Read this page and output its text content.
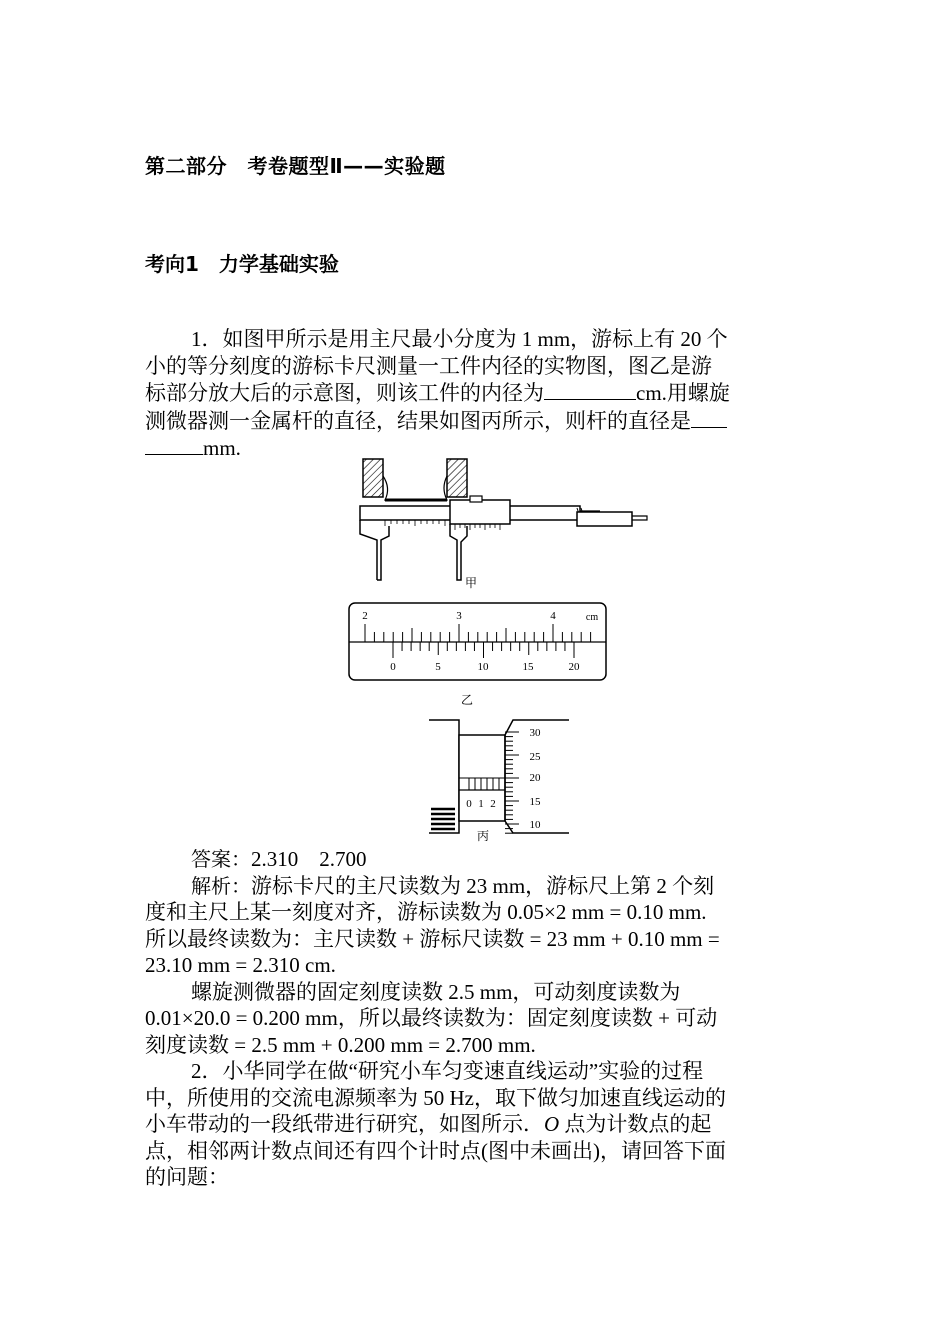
第二部分　考卷题型Ⅱ——实验题
考向1　力学基础实验
1．如图甲所示是用主尺最小分度为 1 mm，游标上有 20 个
小的等分刻度的游标卡尺测量一工件内径的实物图，图乙是游
标部分放大后的示意图，则该工件的内径为	cm.用螺旋
测微器测一金属杆的直径，结果如图丙所示，则杆的直径是
mm.
甲
2	3	4	cm
0	5	10	15	20
乙
0 1 2
30
25
20
15
10
丙
答案：2.310　2.700
解析：游标卡尺的主尺读数为 23 mm，游标尺上第 2 个刻
度和主尺上某一刻度对齐，游标读数为 0.05×2 mm = 0.10 mm.
所以最终读数为：主尺读数 + 游标尺读数 = 23 mm + 0.10 mm =
23.10 mm = 2.310 cm.
螺旋测微器的固定刻度读数 2.5 mm，可动刻度读数为
0.01×20.0 = 0.200 mm，所以最终读数为：固定刻度读数 + 可动
刻度读数 = 2.5 mm + 0.200 mm = 2.700 mm.
2．小华同学在做“研究小车匀变速直线运动”实验的过程
中，所使用的交流电源频率为 50 Hz，取下做匀加速直线运动的
小车带动的一段纸带进行研究，如图所示．O 点为计数点的起
点，相邻两计数点间还有四个计时点(图中未画出)，请回答下面
的问题：
